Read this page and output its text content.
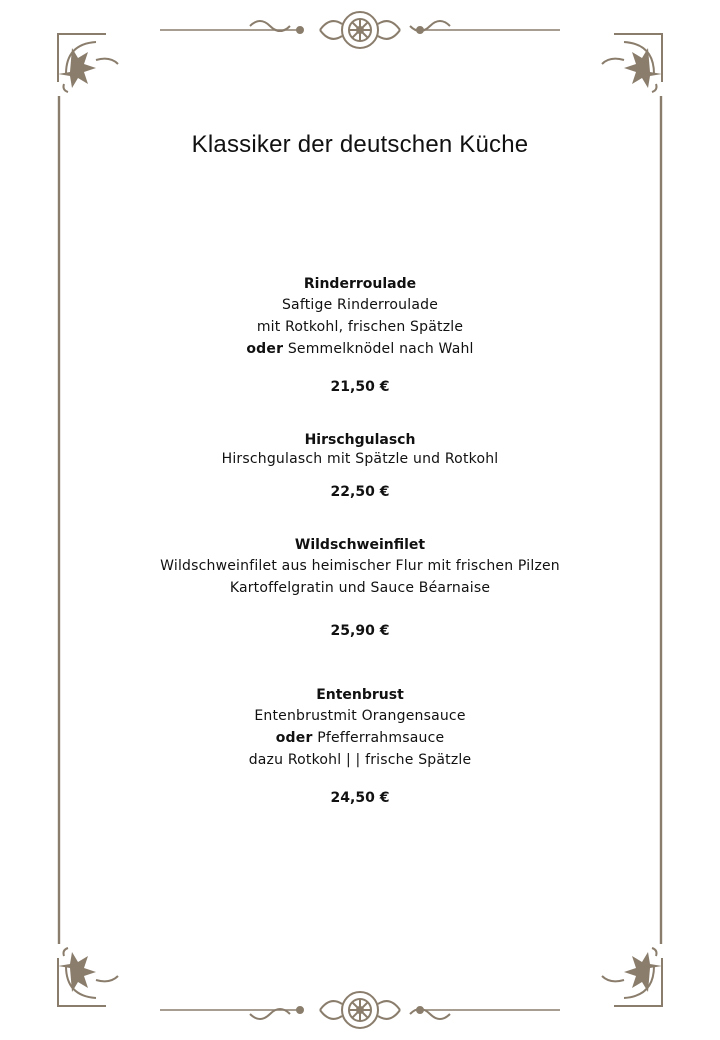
Klassiker der deutschen Küche
Rinderroulade
Saftige Rinderroulade
mit Rotkohl, frischen Spätzle
oder Semmelknödel nach Wahl
21,50 €
Hirschgulasch
Hirschgulasch mit Spätzle und Rotkohl
22,50 €
Wildschweinfilet
Wildschweinfilet aus heimischer Flur mit frischen Pilzen
Kartoffelgratin und Sauce Béarnaise
25,90 €
Entenbrust
Entenbrustmit Orangensauce
oder Pfefferrahmsauce
dazu Rotkohl | | frische Spätzle
24,50 €
